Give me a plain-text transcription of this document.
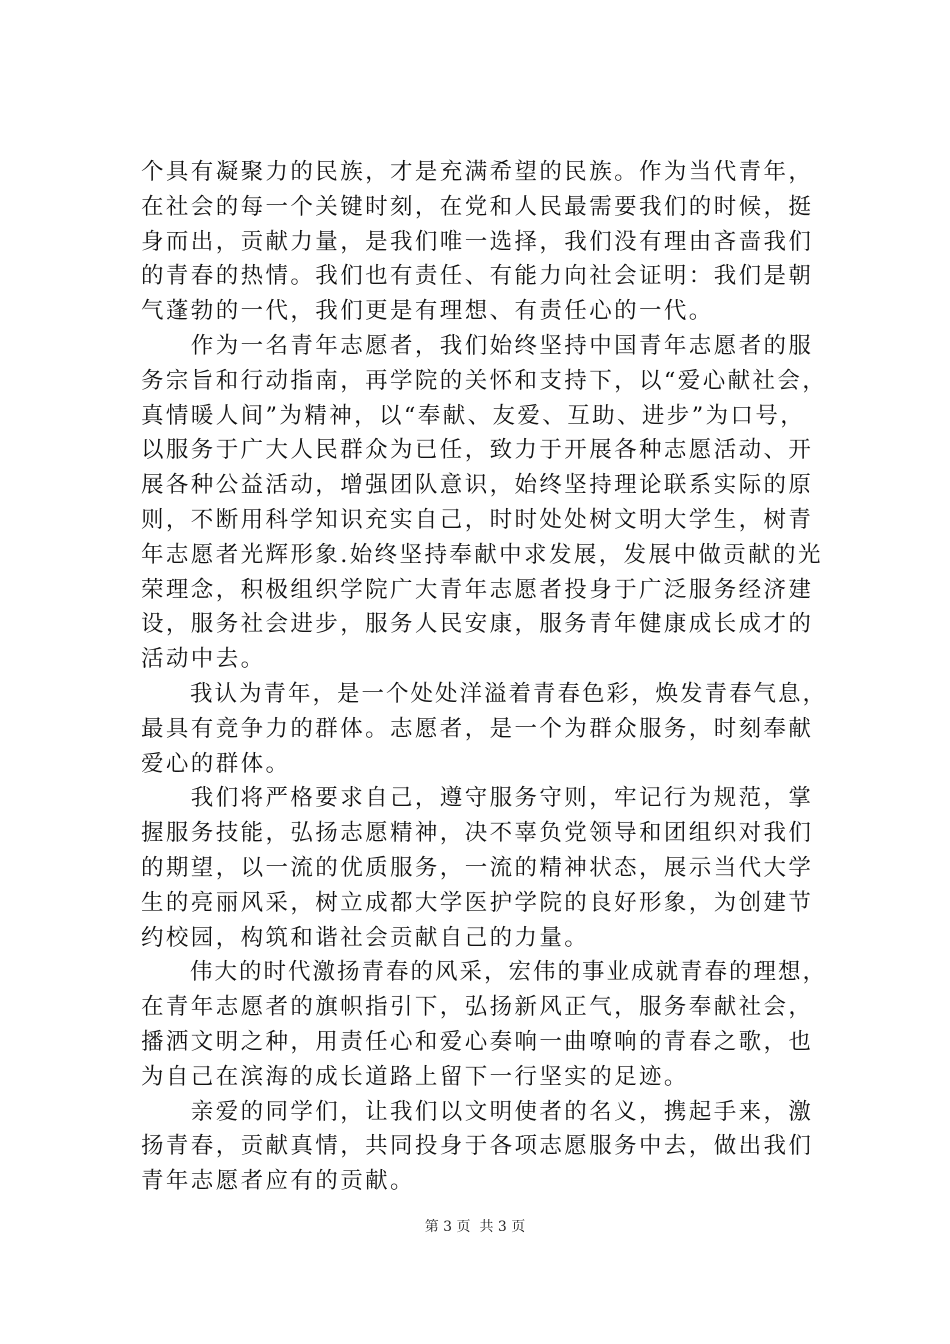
个具有凝聚力的民族，才是充满希望的民族。作为当代青年，
在社会的每一个关键时刻，在党和人民最需要我们的时候，挺
身而出，贡献力量，是我们唯一选择，我们没有理由吝啬我们
的青春的热情。我们也有责任、有能力向社会证明：我们是朝
气蓬勃的一代，我们更是有理想、有责任心的一代。
　　作为一名青年志愿者，我们始终坚持中国青年志愿者的服
务宗旨和行动指南，再学院的关怀和支持下，以“爱心献社会，
真情暖人间”为精神，以“奉献、友爱、互助、进步”为口号，
以服务于广大人民群众为已任，致力于开展各种志愿活动、开
展各种公益活动，增强团队意识，始终坚持理论联系实际的原
则，不断用科学知识充实自己，时时处处树文明大学生，树青
年志愿者光辉形象.始终坚持奉献中求发展，发展中做贡献的光
荣理念，积极组织学院广大青年志愿者投身于广泛服务经济建
设，服务社会进步，服务人民安康，服务青年健康成长成才的
活动中去。
　　我认为青年，是一个处处洋溢着青春色彩，焕发青春气息，
最具有竞争力的群体。志愿者，是一个为群众服务，时刻奉献
爱心的群体。
　　我们将严格要求自己，遵守服务守则，牢记行为规范，掌
握服务技能，弘扬志愿精神，决不辜负党领导和团组织对我们
的期望，以一流的优质服务，一流的精神状态，展示当代大学
生的亮丽风采，树立成都大学医护学院的良好形象，为创建节
约校园，构筑和谐社会贡献自己的力量。
　　伟大的时代激扬青春的风采，宏伟的事业成就青春的理想，
在青年志愿者的旗帜指引下，弘扬新风正气，服务奉献社会，
播洒文明之种，用责任心和爱心奏响一曲嘹响的青春之歌，也
为自己在滨海的成长道路上留下一行坚实的足迹。
　　亲爱的同学们，让我们以文明使者的名义，携起手来，激
扬青春，贡献真情，共同投身于各项志愿服务中去，做出我们
青年志愿者应有的贡献。
第 3 页  共 3 页
